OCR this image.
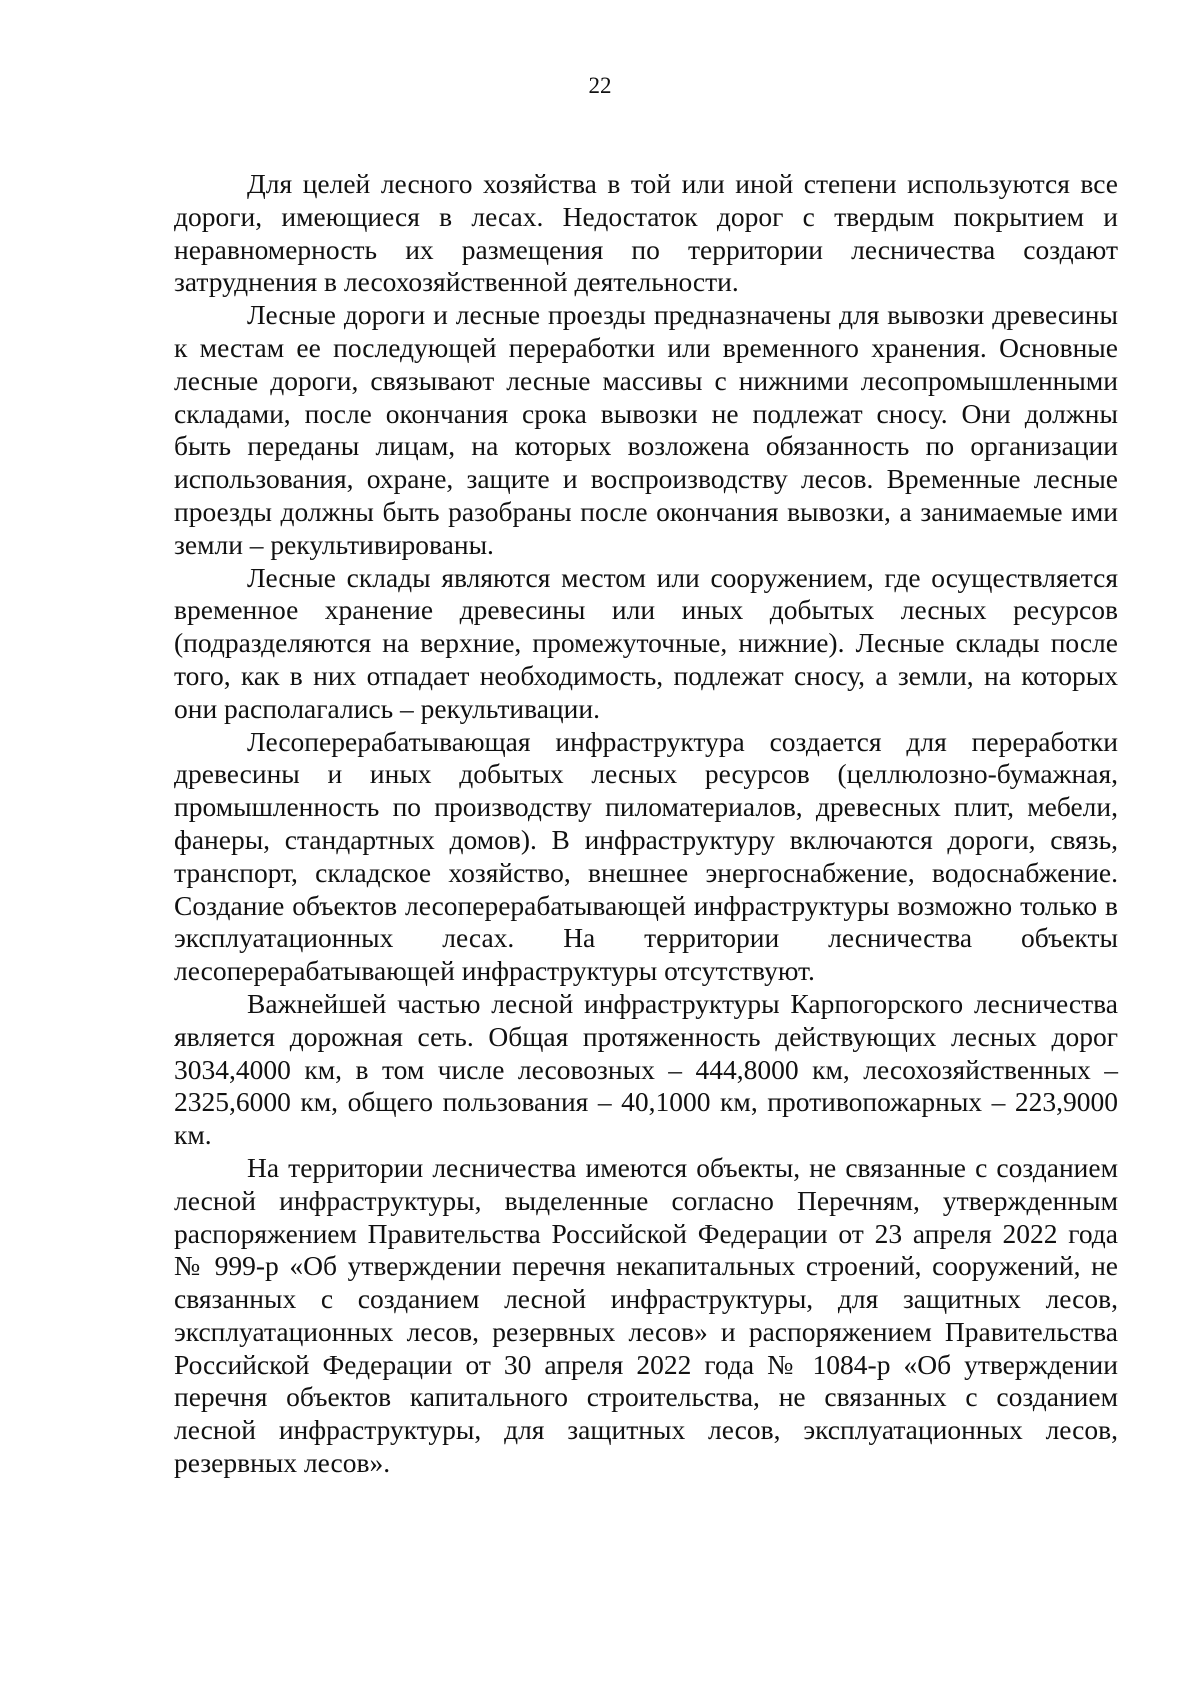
22

Для целей лесного хозяйства в той или иной степени используются все дороги, имеющиеся в лесах. Недостаток дорог с твердым покрытием и неравномерность их размещения по территории лесничества создают затруднения в лесохозяйственной деятельности.

Лесные дороги и лесные проезды предназначены для вывозки древесины к местам ее последующей переработки или временного хранения. Основные лесные дороги, связывают лесные массивы с нижними лесопромышленными складами, после окончания срока вывозки не подлежат сносу. Они должны быть переданы лицам, на которых возложена обязанность по организации использования, охране, защите и воспроизводству лесов. Временные лесные проезды должны быть разобраны после окончания вывозки, а занимаемые ими земли – рекультивированы.

Лесные склады являются местом или сооружением, где осуществляется временное хранение древесины или иных добытых лесных ресурсов (подразделяются на верхние, промежуточные, нижние). Лесные склады после того, как в них отпадает необходимость, подлежат сносу, а земли, на которых они располагались – рекультивации.

Лесоперерабатывающая инфраструктура создается для переработки древесины и иных добытых лесных ресурсов (целлюлозно-бумажная, промышленность по производству пиломатериалов, древесных плит, мебели, фанеры, стандартных домов). В инфраструктуру включаются дороги, связь, транспорт, складское хозяйство, внешнее энергоснабжение, водоснабжение. Создание объектов лесоперерабатывающей инфраструктуры возможно только в эксплуатационных лесах. На территории лесничества объекты лесоперерабатывающей инфраструктуры отсутствуют.

Важнейшей частью лесной инфраструктуры Карпогорского лесничества является дорожная сеть. Общая протяженность действующих лесных дорог 3034,4000 км, в том числе лесовозных – 444,8000 км, лесохозяйственных – 2325,6000 км, общего пользования – 40,1000 км, противопожарных – 223,9000 км.

На территории лесничества имеются объекты, не связанные с созданием лесной инфраструктуры, выделенные согласно Перечням, утвержденным распоряжением Правительства Российской Федерации от 23 апреля 2022 года № 999-р «Об утверждении перечня некапитальных строений, сооружений, не связанных с созданием лесной инфраструктуры, для защитных лесов, эксплуатационных лесов, резервных лесов» и распоряжением Правительства Российской Федерации от 30 апреля 2022 года № 1084-р «Об утверждении перечня объектов капитального строительства, не связанных с созданием лесной инфраструктуры, для защитных лесов, эксплуатационных лесов, резервных лесов».
